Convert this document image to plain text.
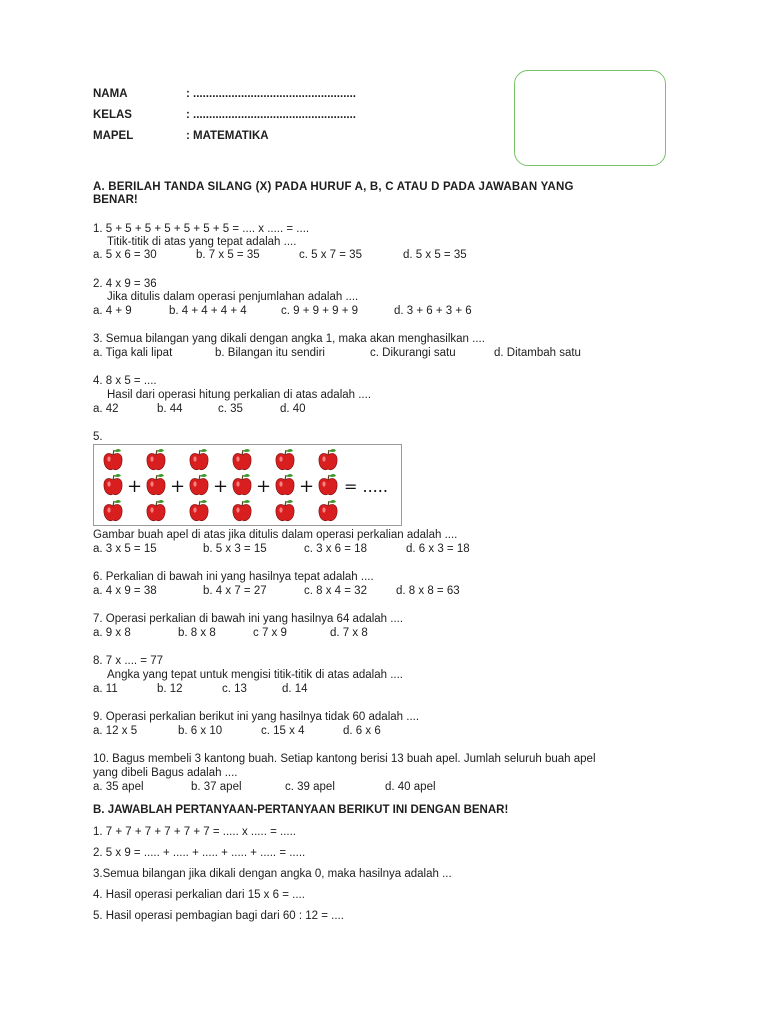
NAMA	: ...................................................
KELAS	: ...................................................
MAPEL	: MATEMATIKA
A. BERILAH TANDA SILANG (X) PADA HURUF A, B, C ATAU D PADA JAWABAN YANG
BENAR!
1. 5 + 5 + 5 + 5 + 5 + 5 + 5 = .... x ..... = ....
Titik-titik di atas yang tepat adalah ....
a. 5 x 6 = 30	b. 7 x 5 = 35	c. 5 x 7 = 35	d. 5 x 5 = 35
2. 4 x 9 = 36
Jika ditulis dalam operasi penjumlahan adalah ....
a. 4 + 9	b. 4 + 4 + 4 + 4	c. 9 + 9 + 9 + 9	d. 3 + 6 + 3 + 6
3. Semua bilangan yang dikali dengan angka 1, maka akan menghasilkan ....
a. Tiga kali lipat	b. Bilangan itu sendiri	c. Dikurangi satu	d. Ditambah satu
4. 8 x 5 = ....
Hasil dari operasi hitung perkalian di atas adalah ....
a. 42	b. 44	c. 35	d. 40
5.
+ + + + + = .....
Gambar buah apel di atas jika ditulis dalam operasi perkalian adalah ....
a. 3 x 5 = 15	b. 5 x 3 = 15	c. 3 x 6 = 18	d. 6 x 3 = 18
6. Perkalian di bawah ini yang hasilnya tepat adalah ....
a. 4 x 9 = 38	b. 4 x 7 = 27	c. 8 x 4 = 32	d. 8 x 8 = 63
7. Operasi perkalian di bawah ini yang hasilnya 64 adalah ....
a. 9 x 8	b. 8 x 8	c 7 x 9	d. 7 x 8
8. 7 x .... = 77
Angka yang tepat untuk mengisi titik-titik di atas adalah ....
a. 11	b. 12	c. 13	d. 14
9. Operasi perkalian berikut ini yang hasilnya tidak 60 adalah ....
a. 12 x 5	b. 6 x 10	c. 15 x 4	d. 6 x 6
10. Bagus membeli 3 kantong buah. Setiap kantong berisi 13 buah apel. Jumlah seluruh buah apel
yang dibeli Bagus adalah ....
a. 35 apel	b. 37 apel	c. 39 apel	d. 40 apel
B. JAWABLAH PERTANYAAN-PERTANYAAN BERIKUT INI DENGAN BENAR!
1. 7 + 7 + 7 + 7 + 7 + 7 = ..... x ..... = .....
2. 5 x 9 = ..... + ..... + ..... + ..... + ..... = .....
3.Semua bilangan jika dikali dengan angka 0, maka hasilnya adalah ...
4. Hasil operasi perkalian dari 15 x 6 = ....
5. Hasil operasi pembagian bagi dari 60 : 12 = ....
